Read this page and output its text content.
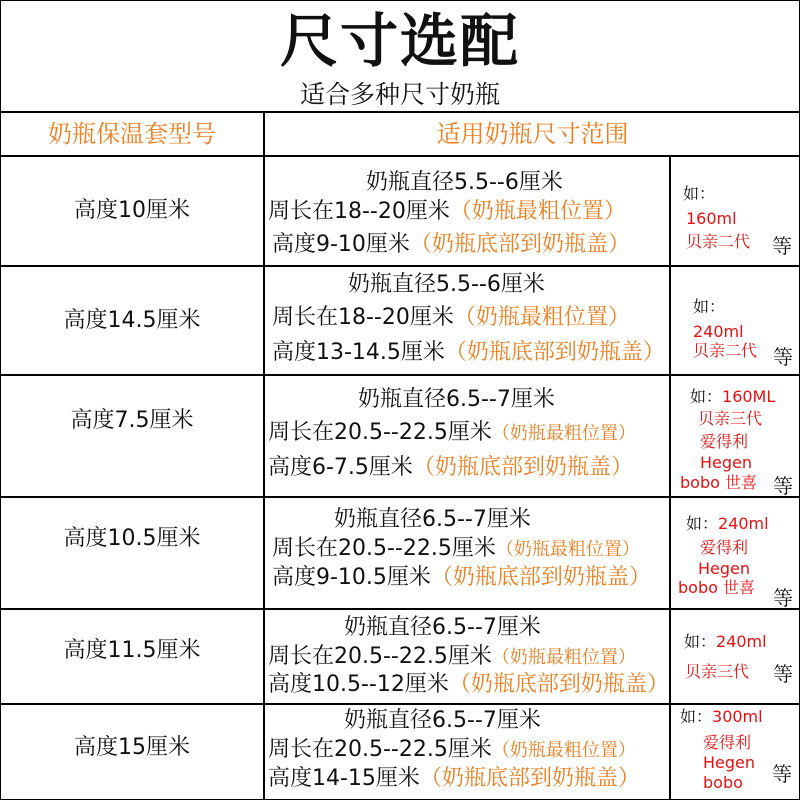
尺寸选配
适合多种尺寸奶瓶
奶瓶保温套型号	适用奶瓶尺寸范围
高度10厘米
奶瓶直径5.5--6厘米
周长在18--20厘米（奶瓶最粗位置）
高度9-10厘米（奶瓶底部到奶瓶盖）
如：
160ml
贝亲二代 等
高度14.5厘米
奶瓶直径5.5--6厘米
周长在18--20厘米（奶瓶最粗位置）
高度13-14.5厘米（奶瓶底部到奶瓶盖）
如：
240ml
贝亲二代 等
高度7.5厘米
奶瓶直径6.5--7厘米
周长在20.5--22.5厘米（奶瓶最粗位置）
高度6-7.5厘米（奶瓶底部到奶瓶盖）
如：160ML
贝亲三代
爱得利
Hegen
bobo 世喜 等
高度10.5厘米
奶瓶直径6.5--7厘米
周长在20.5--22.5厘米（奶瓶最粗位置）
高度9-10.5厘米（奶瓶底部到奶瓶盖）
如：240ml
爱得利
Hegen
bobo 世喜 等
高度11.5厘米
奶瓶直径6.5--7厘米
周长在20.5--22.5厘米（奶瓶最粗位置）
高度10.5--12厘米（奶瓶底部到奶瓶盖）
如：240ml
贝亲三代 等
高度15厘米
奶瓶直径6.5--7厘米
周长在20.5--22.5厘米（奶瓶最粗位置）
高度14-15厘米（奶瓶底部到奶瓶盖）
如：300ml
爱得利
Hegen
bobo 等
